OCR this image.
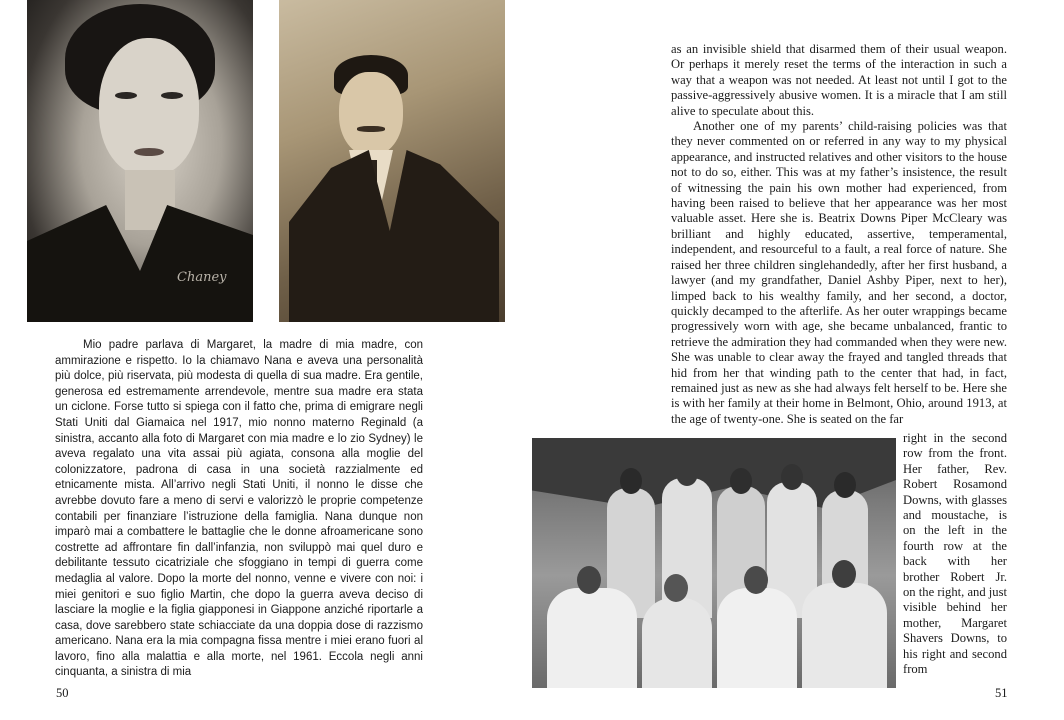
Chaney

Mio padre parlava di Margaret, la madre di mia madre, con ammirazione e rispetto. Io la chiamavo Nana e aveva una personalità più dolce, più riservata, più modesta di quella di sua madre. Era gentile, generosa ed estremamente arrendevole, mentre sua madre era stata un ciclone. Forse tutto si spiega con il fatto che, prima di emigrare negli Stati Uniti dal Giamaica nel 1917, mio nonno materno Reginald (a sinistra, accanto alla foto di Margaret con mia madre e lo zio Sydney) le aveva regalato una vita assai più agiata, consona alla moglie del colonizzatore, padrona di casa in una società razzialmente ed etnicamente mista. All’arrivo negli Stati Uniti, il nonno le disse che avrebbe dovuto fare a meno di servi e valorizzò le proprie competenze contabili per finanziare l’istruzione della famiglia. Nana dunque non imparò mai a combattere le battaglie che le donne afroamericane sono costrette ad affrontare fin dall’infanzia, non sviluppò mai quel duro e debilitante tessuto cicatriziale che sfoggiano in tempi di guerra come medaglia al valore. Dopo la morte del nonno, venne e vivere con noi: i miei genitori e suo figlio Martin, che dopo la guerra aveva deciso di lasciare la moglie e la figlia giapponesi in Giappone anziché riportarle a casa, dove sarebbero state schiacciate da una doppia dose di razzismo americano. Nana era la mia compagna fissa mentre i miei erano fuori al lavoro, fino alla malattia e alla morte, nel 1961. Eccola negli anni cinquanta, a sinistra di mia

50

as an invisible shield that disarmed them of their usual weapon. Or perhaps it merely reset the terms of the interaction in such a way that a weapon was not needed. At least not until I got to the passive-aggressively abusive women. It is a miracle that I am still alive to speculate about this.

Another one of my parents’ child-raising policies was that they never commented on or referred in any way to my physical appearance, and instructed relatives and other visitors to the house not to do so, either. This was at my father’s insistence, the result of witnessing the pain his own mother had experienced, from having been raised to believe that her appearance was her most valuable asset. Here she is. Beatrix Downs Piper McCleary was brilliant and highly educated, assertive, temperamental, independent, and resourceful to a fault, a real force of nature. She raised her three children singlehandedly, after her first husband, a lawyer (and my grandfather, Daniel Ashby Piper, next to her), limped back to his wealthy family, and her second, a doctor, quickly decamped to the afterlife. As her outer wrappings became progressively worn with age, she became unbalanced, frantic to retrieve the admiration they had commanded when they were new. She was unable to clear away the frayed and tangled threads that hid from her that winding path to the center that had, in fact, remained just as new as she had always felt herself to be. Here she is with her family at their home in Belmont, Ohio, around 1913, at the age of twenty-one. She is seated on the far

right in the second row from the front. Her father, Rev. Robert Rosamond Downs, with glasses and moustache, is on the left in the fourth row at the back with her brother Robert Jr. on the right, and just visible behind her mother, Margaret Shavers Downs, to his right and second from
51
